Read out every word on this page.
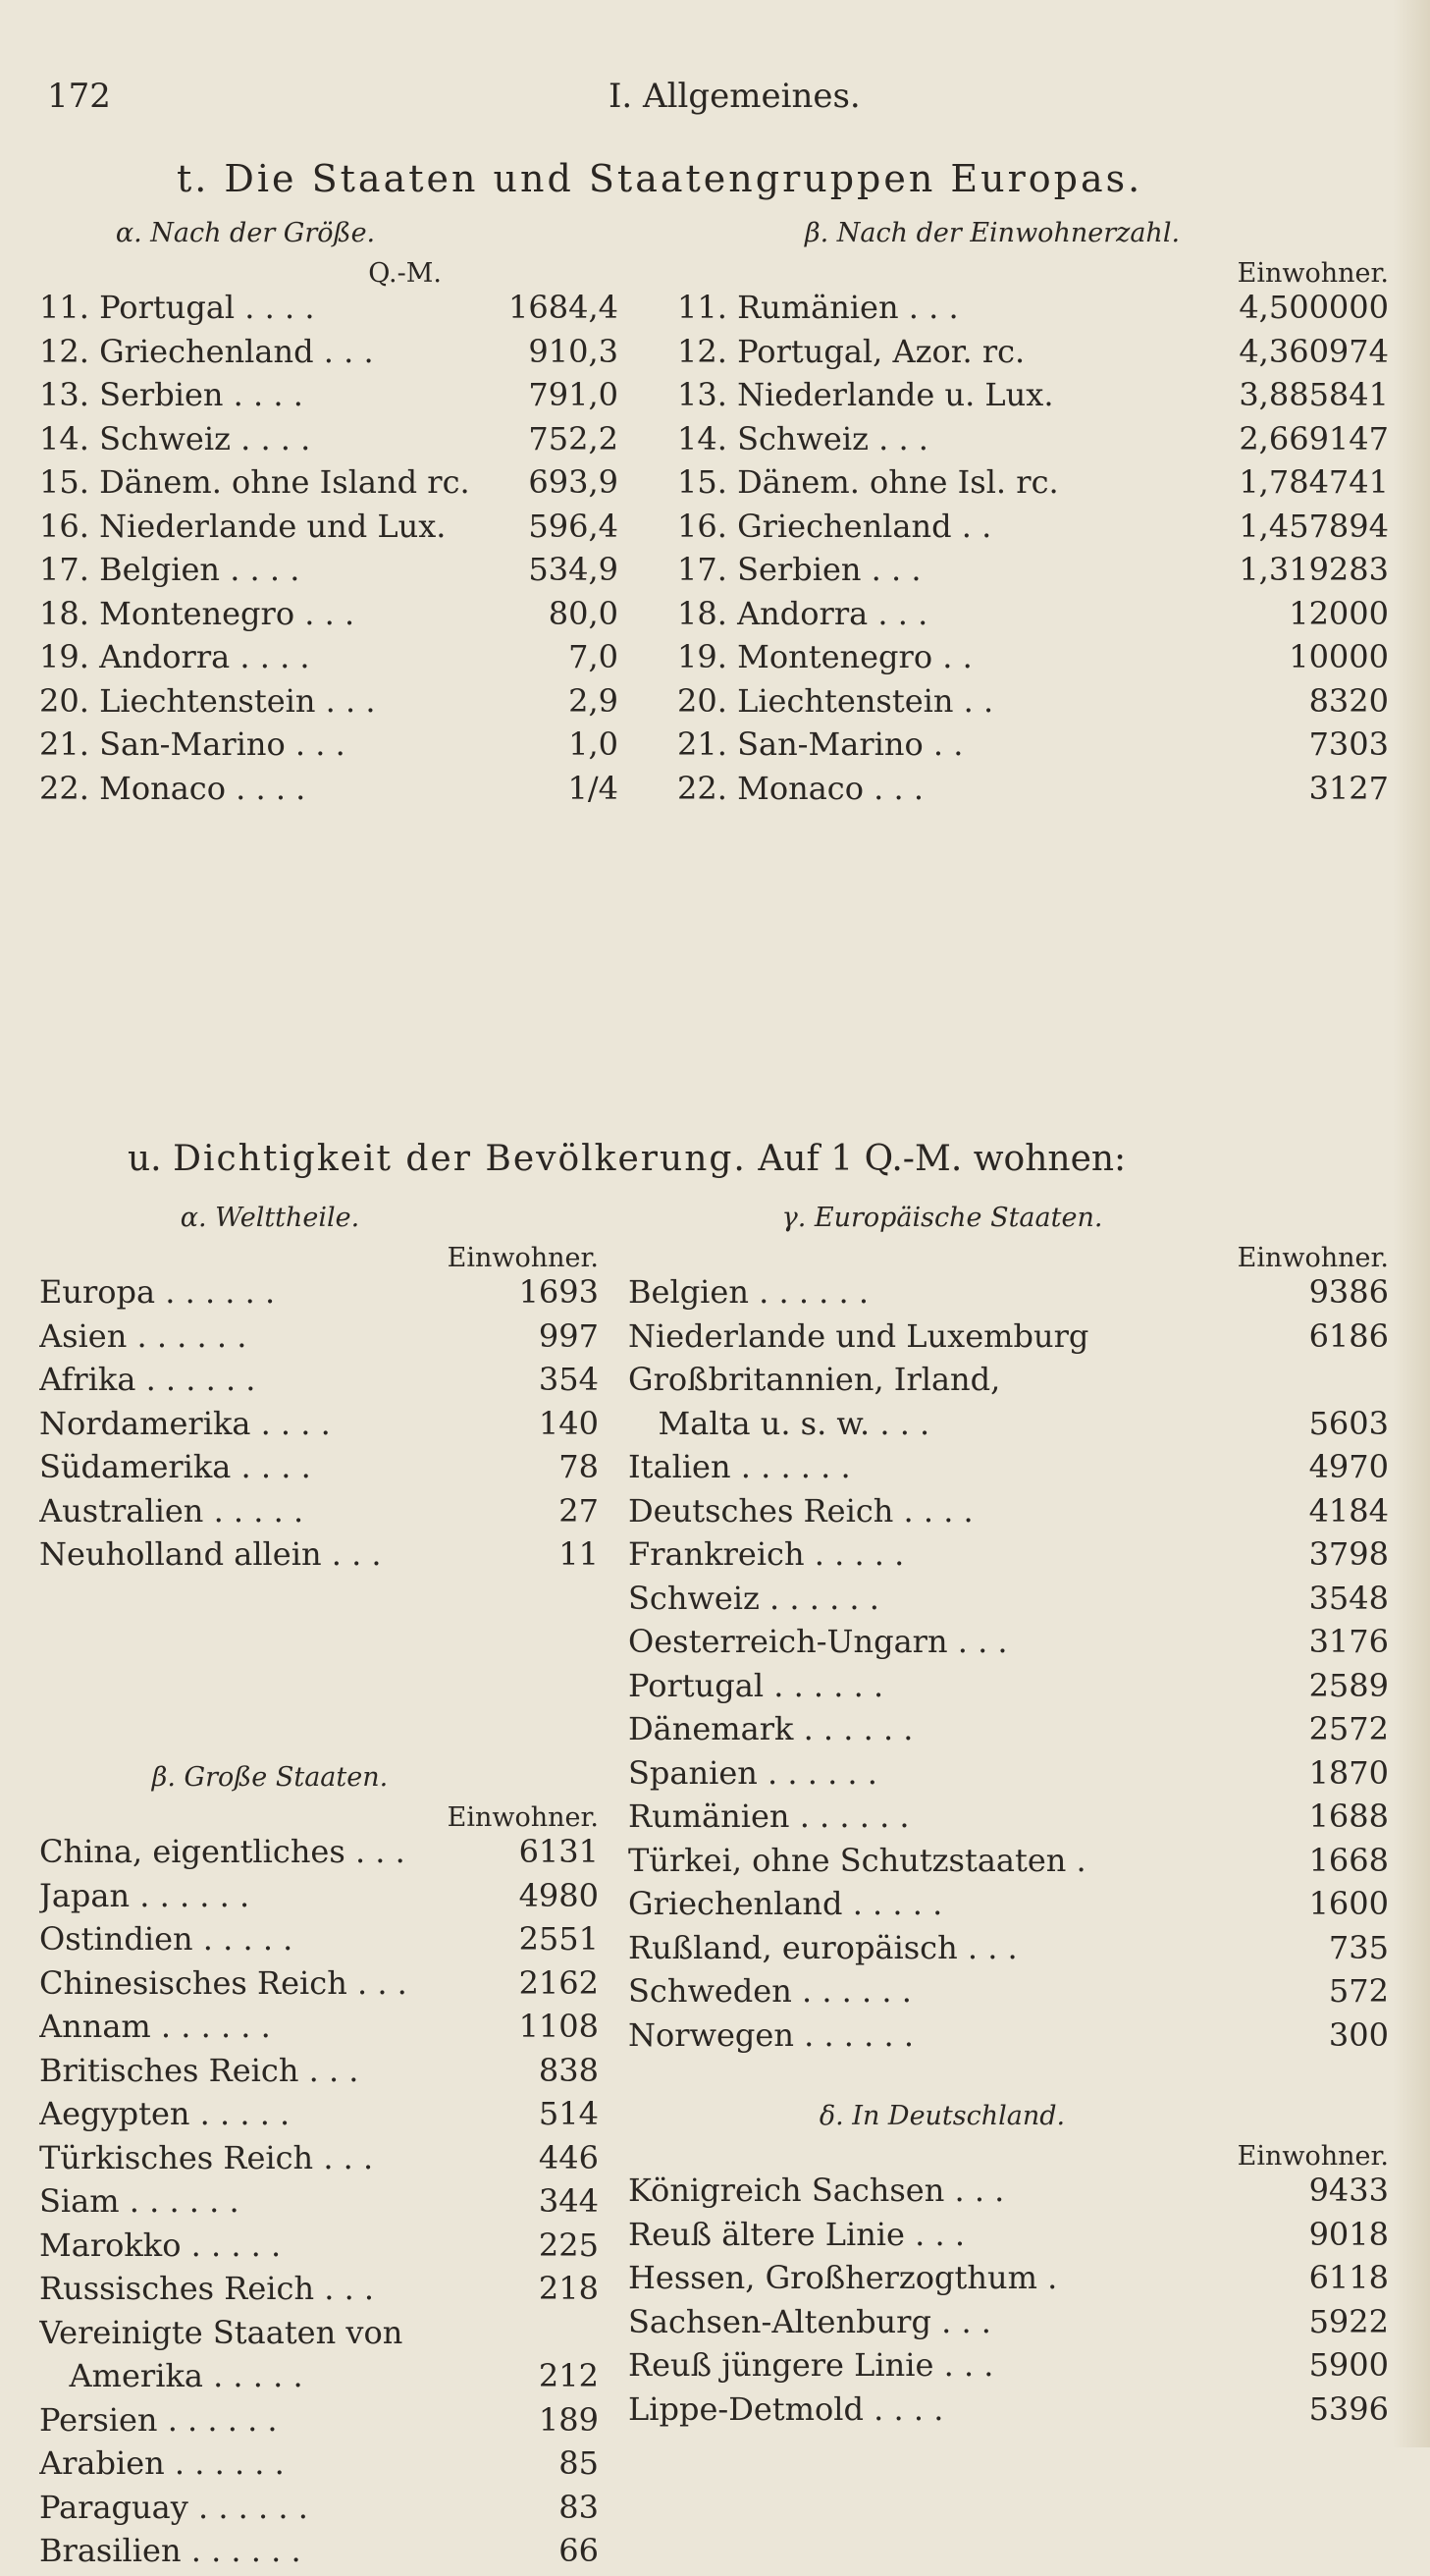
172	I. Allgemeines.
t. Die Staaten und Staatengruppen Europas.
α. Nach der Größe.
Q.-M.
11. Portugal . . . .	1684,4
12. Griechenland . . .	910,3
13. Serbien . . . .	791,0
14. Schweiz . . . .	752,2
15. Dänem. ohne Island rc. 693,9
16. Niederlande und Lux.	596,4
17. Belgien . . . .	534,9
18. Montenegro . . .	80,0
19. Andorra . . . .	7,0
20. Liechtenstein . . .	2,9
21. San-Marino . . .	1,0
22. Monaco . . . .	1/4
β. Nach der Einwohnerzahl.
Einwohner.
11. Rumänien . . .	4,500000
12. Portugal, Azor. rc.	4,360974
13. Niederlande u. Lux.	3,885841
14. Schweiz . . .	2,669147
15. Dänem. ohne Isl. rc.	1,784741
16. Griechenland . .	1,457894
17. Serbien . . .	1,319283
18. Andorra . . .	12000
19. Montenegro . .	10000
20. Liechtenstein . .	8320
21. San-Marino . .	7303
22. Monaco . . .	3127
u. Dichtigkeit der Bevölkerung. Auf 1 Q.-M. wohnen:
α. Welttheile.
Einwohner.
Europa . . . . . .	1693
Asien . . . . . .	997
Afrika . . . . . .	354
Nordamerika . . . .	140
Südamerika . . . .	78
Australien . . . . .	27
Neuholland allein . . .	11
β. Große Staaten.
Einwohner.
China, eigentliches . . .	6131
Japan . . . . . .	4980
Ostindien . . . . .	2551
Chinesisches Reich . . .	2162
Annam . . . . . .	1108
Britisches Reich . . .	838
Aegypten . . . . .	514
Türkisches Reich . . .	446
Siam . . . . . .	344
Marokko . . . . .	225
Russisches Reich . . .	218
Vereinigte Staaten von
Amerika . . . . .	212
Persien . . . . . .	189
Arabien . . . . . .	85
Paraguay . . . . . .	83
Brasilien . . . . . .	66
γ. Europäische Staaten.
Einwohner.
Belgien . . . . . .	9386
Niederlande und Luxemburg	6186
Großbritannien, Irland,
Malta u. s. w. . . .	5603
Italien . . . . . .	4970
Deutsches Reich . . . .	4184
Frankreich . . . . .	3798
Schweiz . . . . . .	3548
Oesterreich-Ungarn . . .	3176
Portugal . . . . . .	2589
Dänemark . . . . . .	2572
Spanien . . . . . .	1870
Rumänien . . . . . .	1688
Türkei, ohne Schutzstaaten .	1668
Griechenland . . . . .	1600
Rußland, europäisch . . .	735
Schweden . . . . . .	572
Norwegen . . . . . .	300
δ. In Deutschland.
Einwohner.
Königreich Sachsen . . .	9433
Reuß ältere Linie . . .	9018
Hessen, Großherzogthum .	6118
Sachsen-Altenburg . . .	5922
Reuß jüngere Linie . . .	5900
Lippe-Detmold . . . .	5396
